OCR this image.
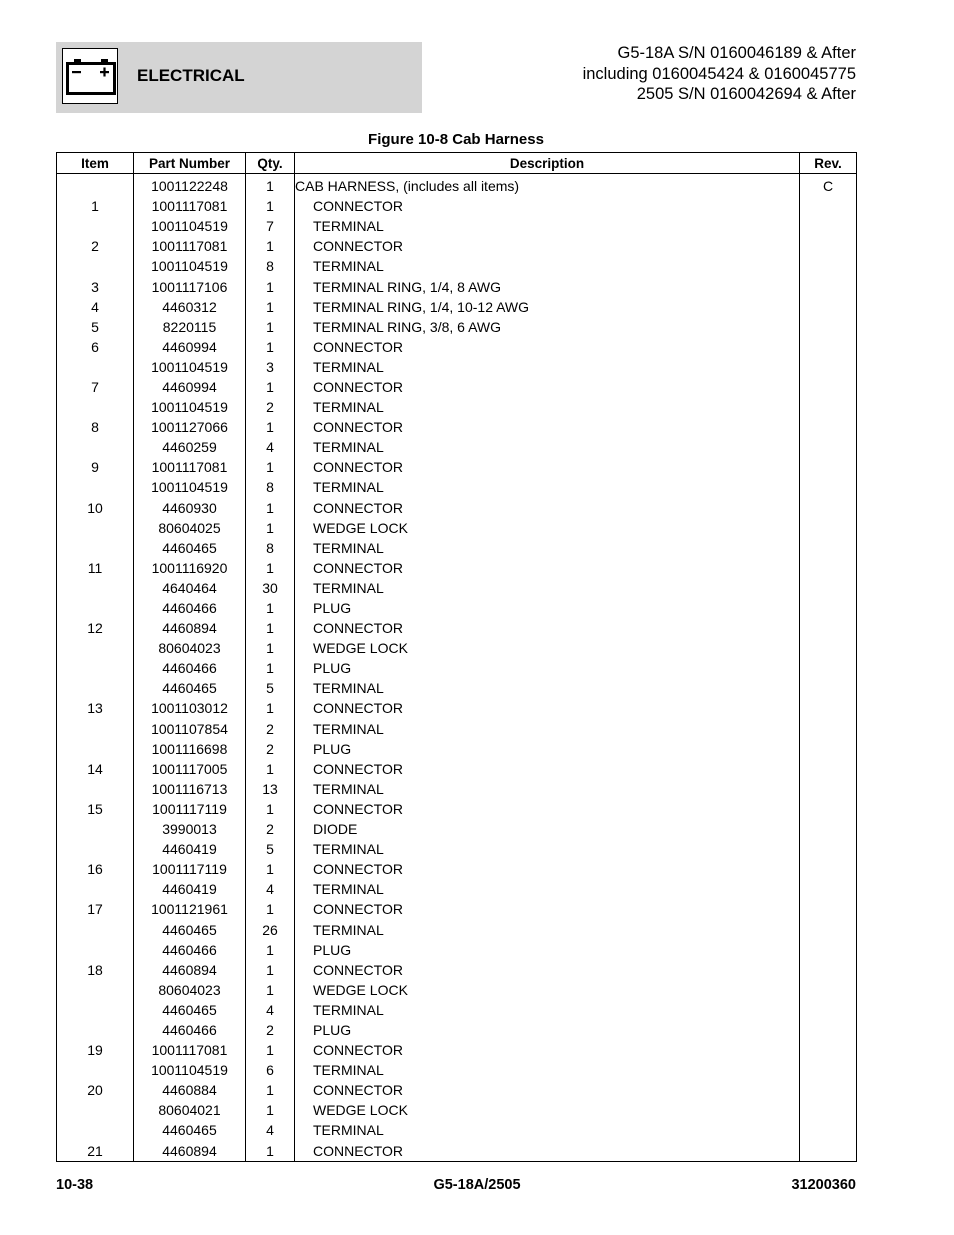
ELECTRICAL
G5-18A S/N 0160046189 & After
including 0160045424 & 0160045775
2505 S/N 0160042694 & After
Figure 10-8 Cab Harness
Item	Part Number	Qty.	Description	Rev.
	1001122248	1	CAB HARNESS, (includes all items)	C
1	1001117081	1	CONNECTOR	
	1001104519	7	TERMINAL	
2	1001117081	1	CONNECTOR	
	1001104519	8	TERMINAL	
3	1001117106	1	TERMINAL RING, 1/4, 8 AWG	
4	4460312	1	TERMINAL RING, 1/4, 10-12 AWG	
5	8220115	1	TERMINAL RING, 3/8, 6 AWG	
6	4460994	1	CONNECTOR	
	1001104519	3	TERMINAL	
7	4460994	1	CONNECTOR	
	1001104519	2	TERMINAL	
8	1001127066	1	CONNECTOR	
	4460259	4	TERMINAL	
9	1001117081	1	CONNECTOR	
	1001104519	8	TERMINAL	
10	4460930	1	CONNECTOR	
	80604025	1	WEDGE LOCK	
	4460465	8	TERMINAL	
11	1001116920	1	CONNECTOR	
	4640464	30	TERMINAL	
	4460466	1	PLUG	
12	4460894	1	CONNECTOR	
	80604023	1	WEDGE LOCK	
	4460466	1	PLUG	
	4460465	5	TERMINAL	
13	1001103012	1	CONNECTOR	
	1001107854	2	TERMINAL	
	1001116698	2	PLUG	
14	1001117005	1	CONNECTOR	
	1001116713	13	TERMINAL	
15	1001117119	1	CONNECTOR	
	3990013	2	DIODE	
	4460419	5	TERMINAL	
16	1001117119	1	CONNECTOR	
	4460419	4	TERMINAL	
17	1001121961	1	CONNECTOR	
	4460465	26	TERMINAL	
	4460466	1	PLUG	
18	4460894	1	CONNECTOR	
	80604023	1	WEDGE LOCK	
	4460465	4	TERMINAL	
	4460466	2	PLUG	
19	1001117081	1	CONNECTOR	
	1001104519	6	TERMINAL	
20	4460884	1	CONNECTOR	
	80604021	1	WEDGE LOCK	
	4460465	4	TERMINAL	
21	4460894	1	CONNECTOR	
10-38	G5-18A/2505	31200360
